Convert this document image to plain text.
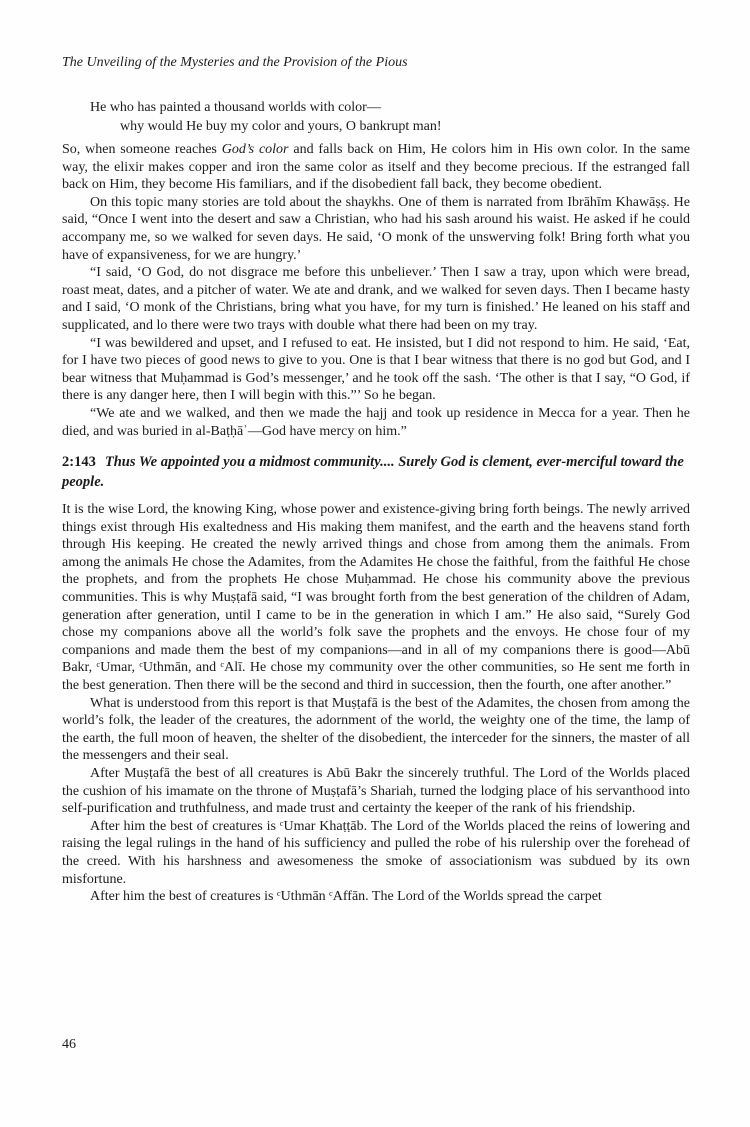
The Unveiling of the Mysteries and the Provision of the Pious
He who has painted a thousand worlds with color—
why would He buy my color and yours, O bankrupt man!

So, when someone reaches God’s color and falls back on Him, He colors him in His own color. In the same way, the elixir makes copper and iron the same color as itself and they become precious. If the estranged fall back on Him, they become His familiars, and if the disobedient fall back, they become obedient.

On this topic many stories are told about the shaykhs. One of them is narrated from Ibrāhīm Khawāṣṣ. He said, “Once I went into the desert and saw a Christian, who had his sash around his waist. He asked if he could accompany me, so we walked for seven days. He said, ‘O monk of the unswerving folk! Bring forth what you have of expansiveness, for we are hungry.’

“I said, ‘O God, do not disgrace me before this unbeliever.’ Then I saw a tray, upon which were bread, roast meat, dates, and a pitcher of water. We ate and drank, and we walked for seven days. Then I became hasty and I said, ‘O monk of the Christians, bring what you have, for my turn is finished.’ He leaned on his staff and supplicated, and lo there were two trays with double what there had been on my tray.

“I was bewildered and upset, and I refused to eat. He insisted, but I did not respond to him. He said, ‘Eat, for I have two pieces of good news to give to you. One is that I bear witness that there is no god but God, and I bear witness that Muḥammad is God’s messenger,’ and he took off the sash. ‘The other is that I say, “O God, if there is any danger here, then I will begin with this.”’ So he began.

“We ate and we walked, and then we made the hajj and took up residence in Mecca for a year. Then he died, and was buried in al-Baṭḥāʾ—God have mercy on him.”

2:143 Thus We appointed you a midmost community.... Surely God is clement, ever-merciful toward the people.

It is the wise Lord, the knowing King, whose power and existence-giving bring forth beings. The newly arrived things exist through His exaltedness and His making them manifest, and the earth and the heavens stand forth through His keeping. He created the newly arrived things and chose from among them the animals. From among the animals He chose the Adamites, from the Adamites He chose the faithful, from the faithful He chose the prophets, and from the prophets He chose Muḥammad. He chose his community above the previous communities. This is why Muṣṭafā said, “I was brought forth from the best generation of the children of Adam, generation after generation, until I came to be in the generation in which I am.” He also said, “Surely God chose my companions above all the world’s folk save the prophets and the envoys. He chose four of my companions and made them the best of my companions—and in all of my companions there is good—Abū Bakr, ᶜUmar, ᶜUthmān, and ᶜAlī. He chose my community over the other communities, so He sent me forth in the best generation. Then there will be the second and third in succession, then the fourth, one after another.”

What is understood from this report is that Muṣṭafā is the best of the Adamites, the chosen from among the world’s folk, the leader of the creatures, the adornment of the world, the weighty one of the time, the lamp of the earth, the full moon of heaven, the shelter of the disobedient, the interceder for the sinners, the master of all the messengers and their seal.

After Muṣṭafā the best of all creatures is Abū Bakr the sincerely truthful. The Lord of the Worlds placed the cushion of his imamate on the throne of Muṣṭafā’s Shariah, turned the lodging place of his servanthood into self-purification and truthfulness, and made trust and certainty the keeper of the rank of his friendship.

After him the best of creatures is ᶜUmar Khaṭṭāb. The Lord of the Worlds placed the reins of lowering and raising the legal rulings in the hand of his sufficiency and pulled the robe of his rulership over the forehead of the creed. With his harshness and awesomeness the smoke of associationism was subdued by its own misfortune.

After him the best of creatures is ᶜUthmān ᶜAffān. The Lord of the Worlds spread the carpet

46
